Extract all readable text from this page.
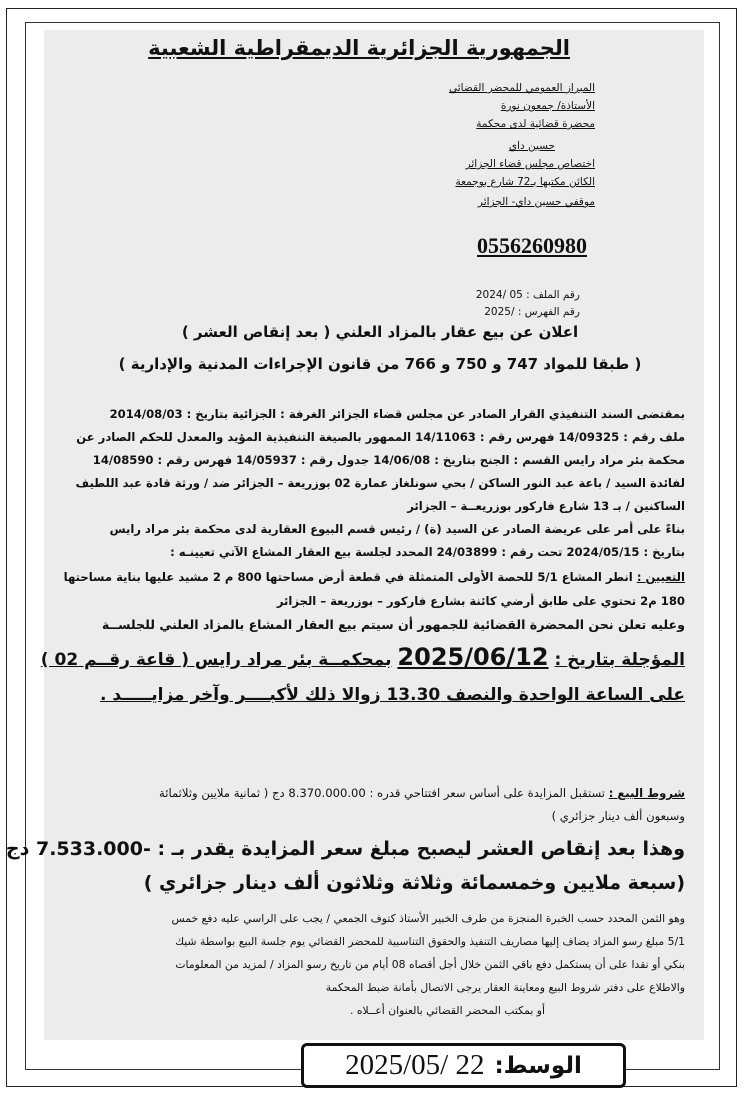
الجمهورية الجزائرية الديمقراطية الشعبية
المبراز العمومي للمحضر القضائي
الأستاذة/ جمعون نورة
محضرة قضائية لدى محكمة
حسين داي
اختصاص مجلس قضاء الجزائر
الكائن مكتبها بـ72 شارع بوجمعة
موقفي حسين داي- الجزائر
0556260980
رقم الملف : 05 /2024
رقم الفهرس : /2025
اعلان عن بيع عقار بالمزاد العلني ( بعد إنقاص العشر )
( طبقا للمواد 747 و 750 و 766 من قانون الإجراءات المدنية والإدارية )
بمقتضى السند التنفيذي القرار الصادر عن مجلس قضاء الجزائر الغرفة : الجزائية بتاريخ : 2014/08/03
ملف رقم : 14/09325 فهرس رقم : 14/11063 الممهور بالصيغة التنفيذية المؤيد والمعدل للحكم الصادر عن
محكمة بئر مراد رايس القسم : الجنح بتاريخ : 14/06/08 جدول رقم : 14/05937 فهرس رقم : 14/08590
لفائدة السيد / باعة عبد النور الساكن / بحي سونلغاز عمارة 02 بوزريعة – الجزائر ضد / ورثة قادة عبد اللطيف
الساكنين / بـ 13 شارع فاركور بوزريعــة – الجزائر
بناءً على أمر على عريضة الصادر عن السيد (ة) / رئيس قسم البيوع العقارية لدى محكمة بئر مراد رايس
بتاريخ : 2024/05/15 تحت رقم : 24/03899 المحدد لجلسة بيع العقار المشاع الآتي تعيينـه :
التعيين : انطر المشاع 5/1 للحصة الأولى المتمثلة في قطعة أرض مساحتها 800 م 2 مشيد عليها بناية مساحتها
180 م2 تحتوي على طابق أرضي كائنة بشارع فاركور – بوزريعة – الجزائر
وعليه تعلن نحن المحضرة القضائية للجمهور أن سيتم بيع العقار المشاع بالمزاد العلني للجلســة
المؤجلة بتاريخ : 2025/06/12 بمحكمــة بئر مراد رايس ( قاعة رقــم 02 )
على الساعة الواحدة والنصف 13.30 زوالا ذلك لأكبــــر وآخر مزايـــــد .
شروط البيع : تستقبل المزايدة على أساس سعر افتتاحي قدره : 8.370.000.00 دج ( ثمانية ملايين وثلاثمائة
وسبعون ألف دينار جزائري )
وهذا بعد إنقاص العشر ليصبح مبلغ سعر المزايدة يقدر بـ : -7.533.000 دج
(سبعة ملايين وخمسمائة وثلاثة وثلاثون ألف دينار جزائري )
وهو الثمن المحدد حسب الخبرة المنجزة من طرف الخبير الأستاذ كتوف الجمعي / يجب على الراسي عليه دفع خمس
5/1 مبلغ رسو المزاد يضاف إليها مصاريف التنفيذ والحقوق التناسبية للمحضر القضائي يوم جلسة البيع بواسطة شيك
بنكي أو نقدا على أن يستكمل دفع باقي الثمن خلال أجل أقصاه 08 أيام من تاريخ رسو المزاد / لمزيد من المعلومات
والاطلاع على دفتر شروط البيع ومعاينة العقار يرجى الاتصال بأمانة ضبط المحكمة
أو بمكتب المحضر القضائي بالعنوان أعــلاه .
2025/05/ 22 الوسط:
